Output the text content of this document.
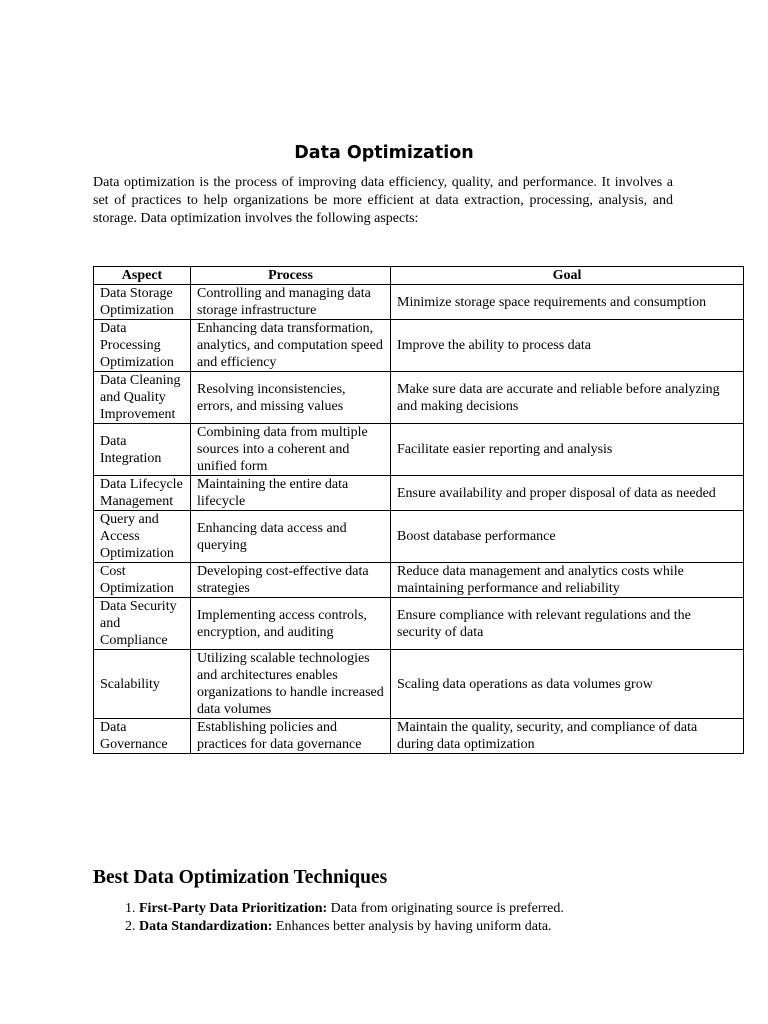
Data Optimization

Data optimization is the process of improving data efficiency, quality, and performance. It involves a set of practices to help organizations be more efficient at data extraction, processing, analysis, and storage. Data optimization involves the following aspects:

Aspect	Process	Goal
Data Storage Optimization	Controlling and managing data storage infrastructure	Minimize storage space requirements and consumption
Data Processing Optimization	Enhancing data transformation, analytics, and computation speed and efficiency	Improve the ability to process data
Data Cleaning and Quality Improvement	Resolving inconsistencies, errors, and missing values	Make sure data are accurate and reliable before analyzing and making decisions
Data Integration	Combining data from multiple sources into a coherent and unified form	Facilitate easier reporting and analysis
Data Lifecycle Management	Maintaining the entire data lifecycle	Ensure availability and proper disposal of data as needed
Query and Access Optimization	Enhancing data access and querying	Boost database performance
Cost Optimization	Developing cost-effective data strategies	Reduce data management and analytics costs while maintaining performance and reliability
Data Security and Compliance	Implementing access controls, encryption, and auditing	Ensure compliance with relevant regulations and the security of data
Scalability	Utilizing scalable technologies and architectures enables organizations to handle increased data volumes	Scaling data operations as data volumes grow
Data Governance	Establishing policies and practices for data governance	Maintain the quality, security, and compliance of data during data optimization
Best Data Optimization Techniques
1. First-Party Data Prioritization: Data from originating source is preferred.
2. Data Standardization: Enhances better analysis by having uniform data.
